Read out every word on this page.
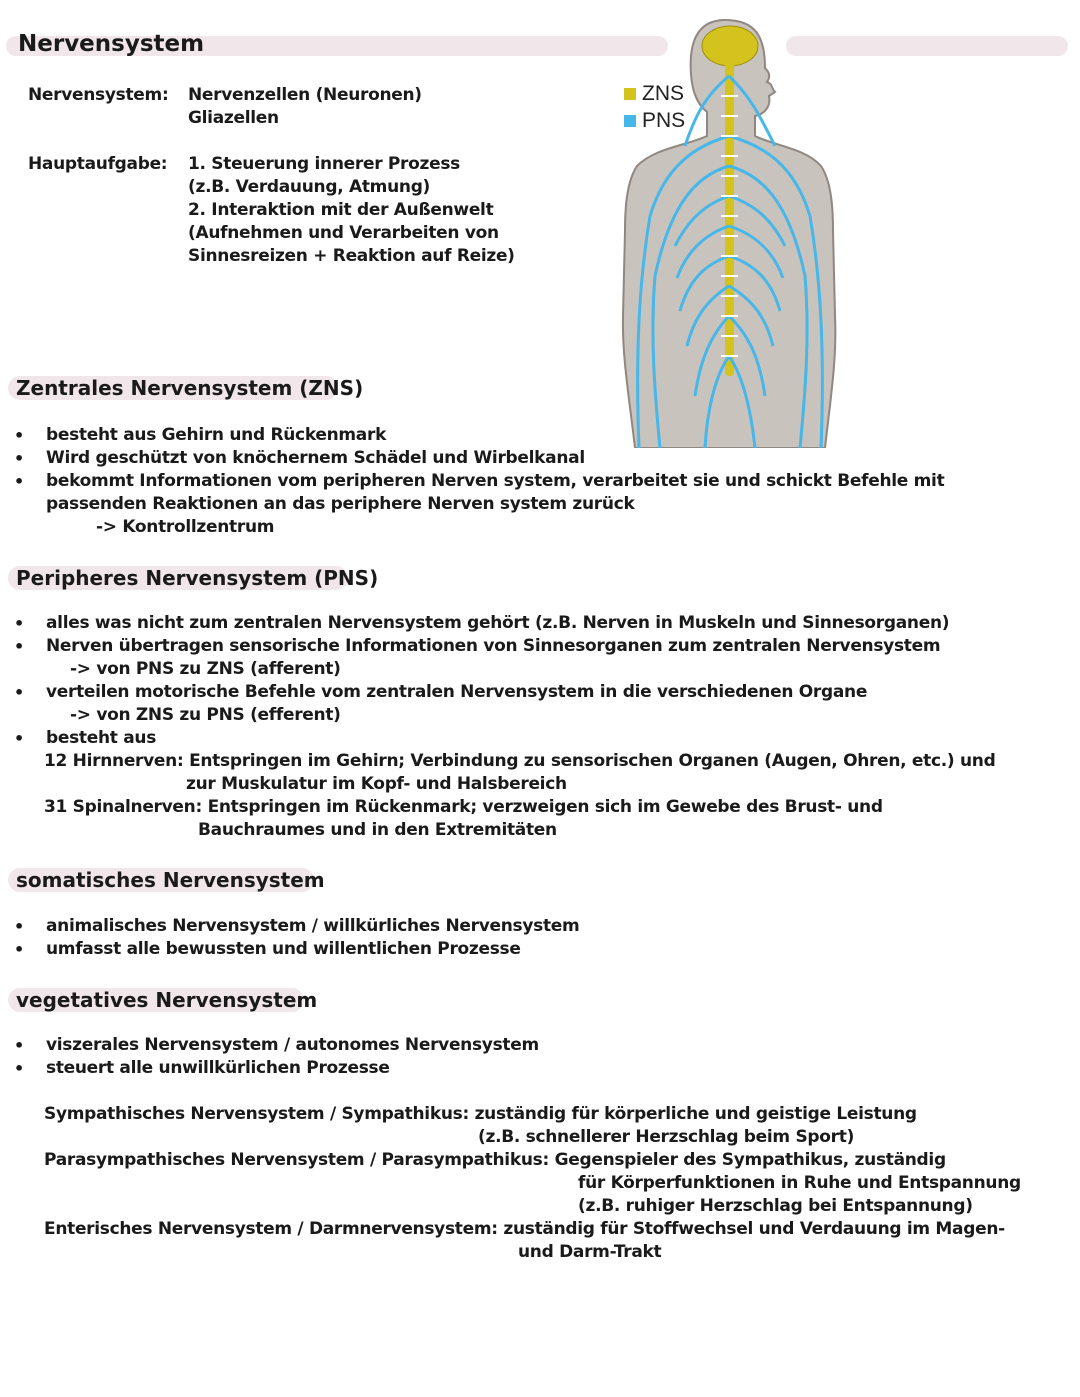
Nervensystem
Nervensystem: Nervenzellen (Neuronen)
Gliazellen
Hauptaufgabe: 1. Steuerung innerer Prozess
(z.B. Verdauung, Atmung)
2. Interaktion mit der Außenwelt
(Aufnehmen und Verarbeiten von
Sinnesreizen + Reaktion auf Reize)
ZNS
PNS
Zentrales Nervensystem (ZNS)
• besteht aus Gehirn und Rückenmark
• Wird geschützt von knöchernem Schädel und Wirbelkanal
• bekommt Informationen vom peripheren Nerven system, verarbeitet sie und schickt Befehle mit
passenden Reaktionen an das periphere Nerven system zurück
-> Kontrollzentrum
Peripheres Nervensystem (PNS)
• alles was nicht zum zentralen Nervensystem gehört (z.B. Nerven in Muskeln und Sinnesorganen)
• Nerven übertragen sensorische Informationen von Sinnesorganen zum zentralen Nervensystem
-> von PNS zu ZNS (afferent)
• verteilen motorische Befehle vom zentralen Nervensystem in die verschiedenen Organe
-> von ZNS zu PNS (efferent)
• besteht aus
12 Hirnnerven: Entspringen im Gehirn; Verbindung zu sensorischen Organen (Augen, Ohren, etc.) und
zur Muskulatur im Kopf- und Halsbereich
31 Spinalnerven: Entspringen im Rückenmark; verzweigen sich im Gewebe des Brust- und
Bauchraumes und in den Extremitäten
somatisches Nervensystem
• animalisches Nervensystem / willkürliches Nervensystem
• umfasst alle bewussten und willentlichen Prozesse
vegetatives Nervensystem
• viszerales Nervensystem / autonomes Nervensystem
• steuert alle unwillkürlichen Prozesse
Sympathisches Nervensystem / Sympathikus: zuständig für körperliche und geistige Leistung
(z.B. schnellerer Herzschlag beim Sport)
Parasympathisches Nervensystem / Parasympathikus: Gegenspieler des Sympathikus, zuständig
für Körperfunktionen in Ruhe und Entspannung
(z.B. ruhiger Herzschlag bei Entspannung)
Enterisches Nervensystem / Darmnervensystem: zuständig für Stoffwechsel und Verdauung im Magen-
und Darm-Trakt
